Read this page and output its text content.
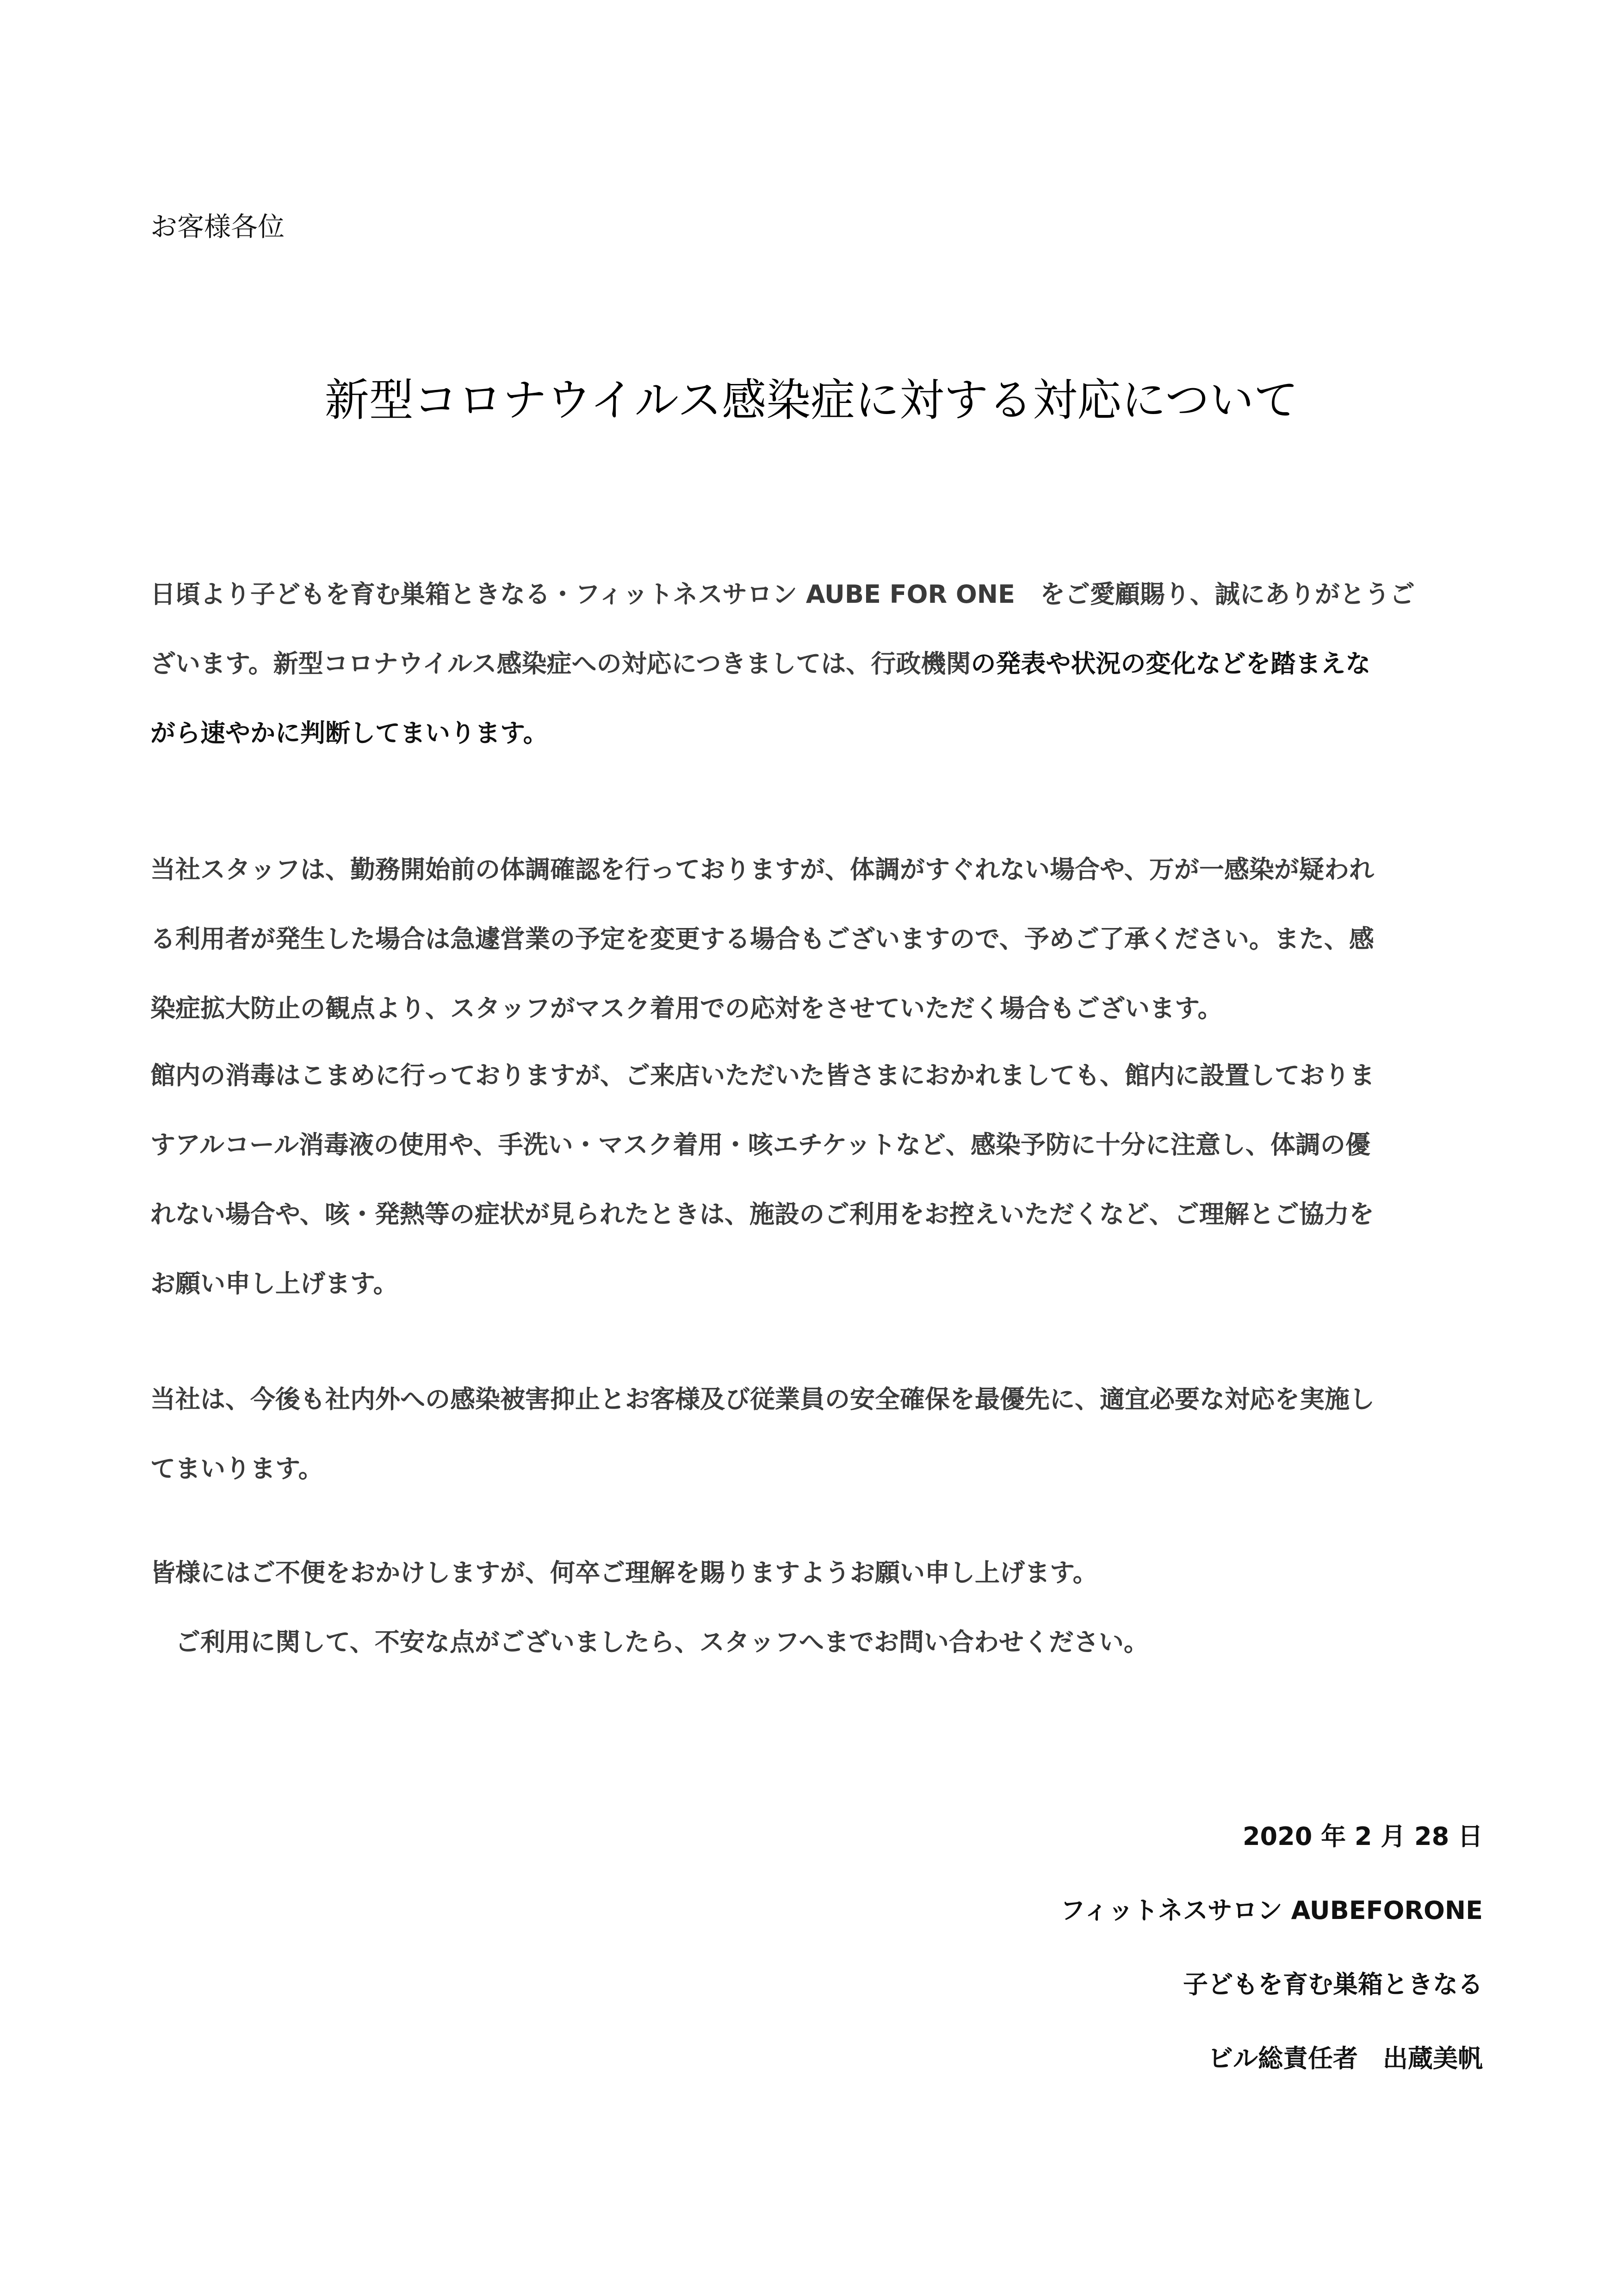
お客様各位
新型コロナウイルス感染症に対する対応について
日頃より子どもを育む巣箱ときなる・フィットネスサロン AUBE FOR ONE　をご愛顧賜り、誠にありがとうご
ざいます。新型コロナウイルス感染症への対応につきましては、行政機関の発表や状況の変化などを踏まえな
がら速やかに判断してまいります。
当社スタッフは、勤務開始前の体調確認を行っておりますが、体調がすぐれない場合や、万が一感染が疑われ
る利用者が発生した場合は急遽営業の予定を変更する場合もございますので、予めご了承ください。また、感
染症拡大防止の観点より、スタッフがマスク着用での応対をさせていただく場合もございます。
館内の消毒はこまめに行っておりますが、ご来店いただいた皆さまにおかれましても、館内に設置しておりま
すアルコール消毒液の使用や、手洗い・マスク着用・咳エチケットなど、感染予防に十分に注意し、体調の優
れない場合や、咳・発熱等の症状が見られたときは、施設のご利用をお控えいただくなど、ご理解とご協力を
お願い申し上げます。
当社は、今後も社内外への感染被害抑止とお客様及び従業員の安全確保を最優先に、適宜必要な対応を実施し
てまいります。
皆様にはご不便をおかけしますが、何卒ご理解を賜りますようお願い申し上げます。
　ご利用に関して、不安な点がございましたら、スタッフへまでお問い合わせください。
2020 年 2 月 28 日
フィットネスサロン AUBEFORONE
子どもを育む巣箱ときなる
ビル総責任者　出蔵美帆
